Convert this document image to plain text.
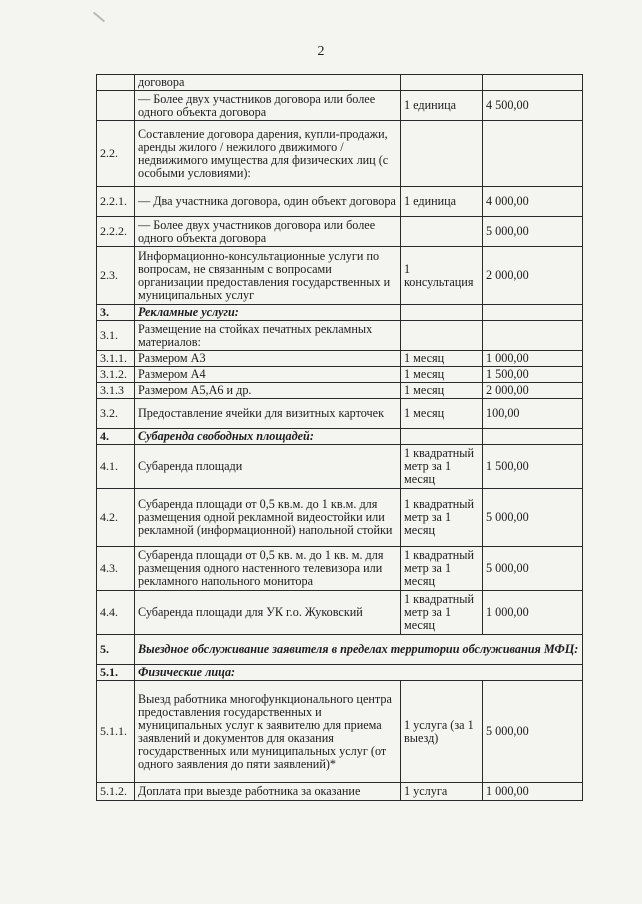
2
	договора		
	— Более двух участников договора или более одного объекта договора	1 единица	4 500,00
2.2.	Составление договора дарения, купли-продажи, аренды жилого / нежилого движимого / недвижимого имущества для физических лиц (с особыми условиями):		
2.2.1.	— Два участника договора, один объект договора	1 единица	4 000,00
2.2.2.	— Более двух участников договора или более одного объекта договора		5 000,00
2.3.	Информационно-консультационные услуги по вопросам, не связанным с вопросами организации предоставления государственных и муниципальных услуг	1 консультация	2 000,00
3.	Рекламные услуги:		
3.1.	Размещение на стойках печатных рекламных материалов:		
3.1.1.	Размером А3	1 месяц	1 000,00
3.1.2.	Размером А4	1 месяц	1 500,00
3.1.3	Размером А5,А6 и др.	1 месяц	2 000,00
3.2.	Предоставление ячейки для визитных карточек	1 месяц	100,00
4.	Субаренда свободных площадей:		
4.1.	Субаренда площади	1 квадратный метр за 1 месяц	1 500,00
4.2.	Субаренда площади от 0,5 кв.м. до 1 кв.м. для размещения одной рекламной видеостойки или рекламной (информационной) напольной стойки	1 квадратный метр за 1 месяц	5 000,00
4.3.	Субаренда площади от 0,5 кв. м. до 1 кв. м. для размещения одного настенного телевизора или рекламного напольного монитора	1 квадратный метр за 1 месяц	5 000,00
4.4.	Субаренда площади для УК г.о. Жуковский	1 квадратный метр за 1 месяц	1 000,00
5.	Выездное обслуживание заявителя в пределах территории обслуживания МФЦ:		
5.1.	Физические лица:		
5.1.1.	Выезд работника многофункционального центра предоставления государственных и муниципальных услуг к заявителю для приема заявлений и документов для оказания государственных или муниципальных услуг (от одного заявления до пяти заявлений)*	1 услуга (за 1 выезд)	5 000,00
5.1.2.	Доплата при выезде работника за оказание	1 услуга	1 000,00
